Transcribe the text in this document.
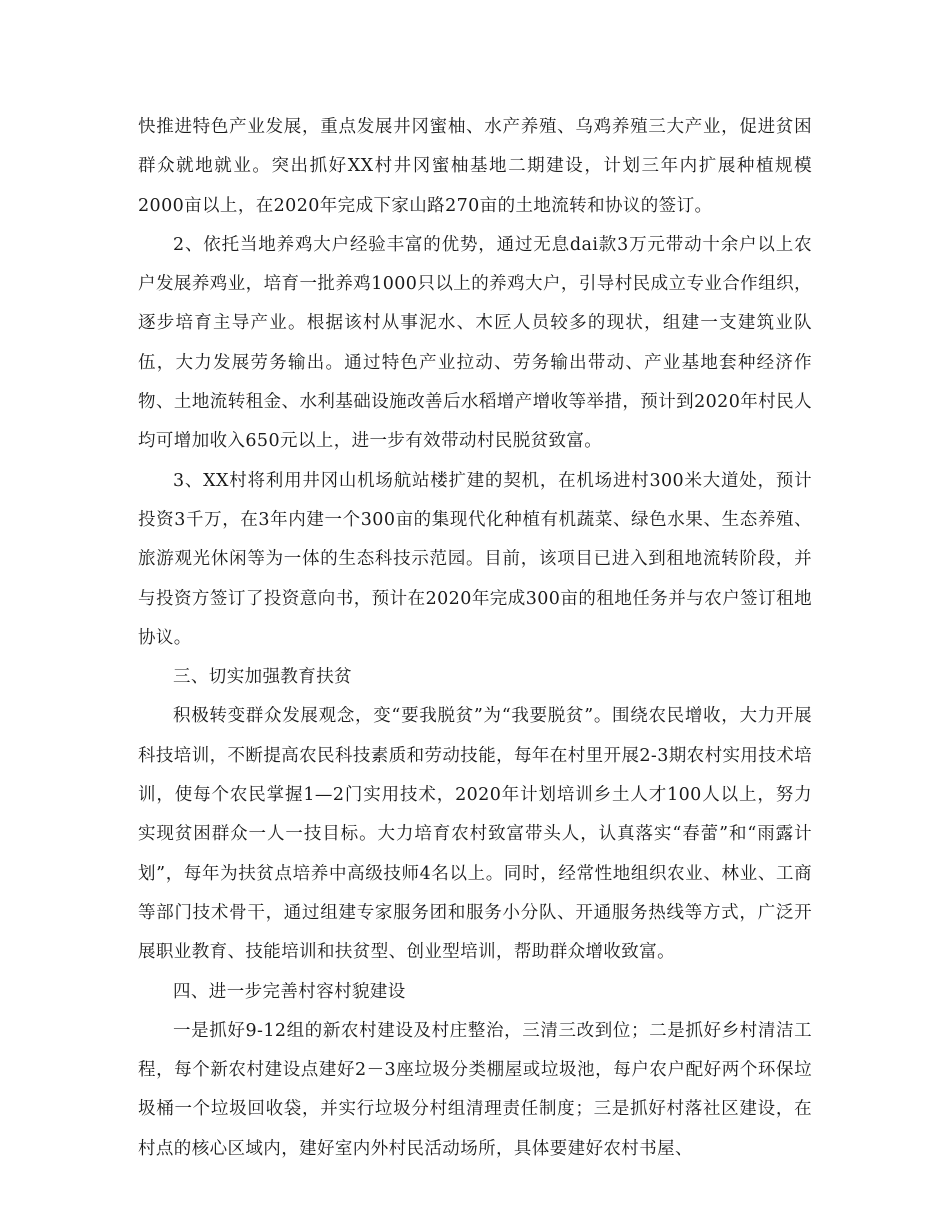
快推进特色产业发展，重点发展井冈蜜柚、水产养殖、乌鸡养殖三大产业，促进贫困群众就地就业。突出抓好XX村井冈蜜柚基地二期建设，计划三年内扩展种植规模2000亩以上，在2020年完成下家山路270亩的土地流转和协议的签订。

2、依托当地养鸡大户经验丰富的优势，通过无息dai款3万元带动十余户以上农户发展养鸡业，培育一批养鸡1000只以上的养鸡大户，引导村民成立专业合作组织，逐步培育主导产业。根据该村从事泥水、木匠人员较多的现状，组建一支建筑业队伍，大力发展劳务输出。通过特色产业拉动、劳务输出带动、产业基地套种经济作物、土地流转租金、水利基础设施改善后水稻增产增收等举措，预计到2020年村民人均可增加收入650元以上，进一步有效带动村民脱贫致富。

3、XX村将利用井冈山机场航站楼扩建的契机，在机场进村300米大道处，预计投资3千万，在3年内建一个300亩的集现代化种植有机蔬菜、绿色水果、生态养殖、旅游观光休闲等为一体的生态科技示范园。目前，该项目已进入到租地流转阶段，并与投资方签订了投资意向书，预计在2020年完成300亩的租地任务并与农户签订租地协议。

三、切实加强教育扶贫

积极转变群众发展观念，变“要我脱贫”为“我要脱贫”。围绕农民增收，大力开展科技培训，不断提高农民科技素质和劳动技能，每年在村里开展2-3期农村实用技术培训，使每个农民掌握1—2门实用技术，2020年计划培训乡土人才100人以上，努力实现贫困群众一人一技目标。大力培育农村致富带头人，认真落实“春蕾”和“雨露计划”，每年为扶贫点培养中高级技师4名以上。同时，经常性地组织农业、林业、工商等部门技术骨干，通过组建专家服务团和服务小分队、开通服务热线等方式，广泛开展职业教育、技能培训和扶贫型、创业型培训，帮助群众增收致富。

四、进一步完善村容村貌建设

一是抓好9-12组的新农村建设及村庄整治，三清三改到位；二是抓好乡村清洁工程，每个新农村建设点建好2－3座垃圾分类棚屋或垃圾池，每户农户配好两个环保垃圾桶一个垃圾回收袋，并实行垃圾分村组清理责任制度；三是抓好村落社区建设，在村点的核心区域内，建好室内外村民活动场所，具体要建好农村书屋、
